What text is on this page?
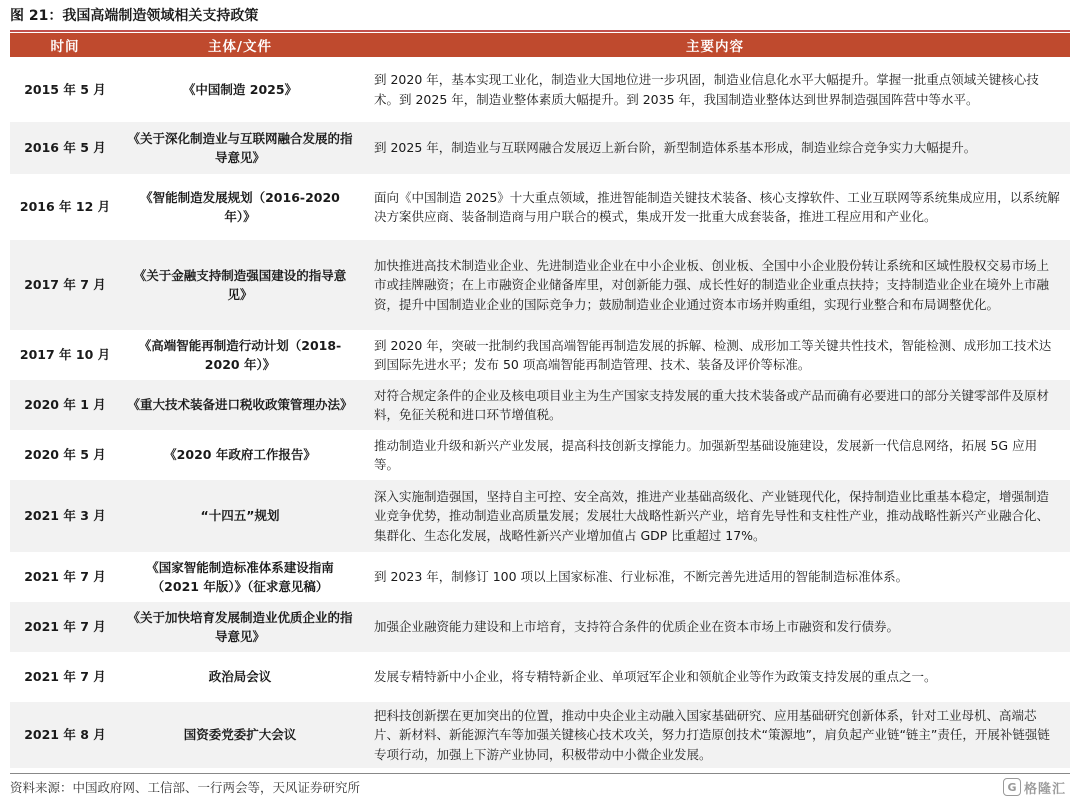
图 21：我国高端制造领域相关支持政策
时间	主体/文件	主要内容
2015 年 5 月	《中国制造 2025》	到 2020 年，基本实现工业化，制造业大国地位进一步巩固，制造业信息化水平大幅提升。掌握一批重点领域关键核心技术。到 2025 年，制造业整体素质大幅提升。到 2035 年，我国制造业整体达到世界制造强国阵营中等水平。
2016 年 5 月	《关于深化制造业与互联网融合发展的指导意见》	到 2025 年，制造业与互联网融合发展迈上新台阶，新型制造体系基本形成，制造业综合竞争实力大幅提升。
2016 年 12 月	《智能制造发展规划（2016-2020 年）》	面向《中国制造 2025》十大重点领域，推进智能制造关键技术装备、核心支撑软件、工业互联网等系统集成应用，以系统解决方案供应商、装备制造商与用户联合的模式，集成开发一批重大成套装备，推进工程应用和产业化。
2017 年 7 月	《关于金融支持制造强国建设的指导意见》	加快推进高技术制造业企业、先进制造业企业在中小企业板、创业板、全国中小企业股份转让系统和区域性股权交易市场上市或挂牌融资；在上市融资企业储备库里，对创新能力强、成长性好的制造业企业重点扶持；支持制造业企业在境外上市融资，提升中国制造业企业的国际竞争力；鼓励制造业企业通过资本市场并购重组，实现行业整合和布局调整优化。
2017 年 10 月	《高端智能再制造行动计划（2018-2020 年）》	到 2020 年，突破一批制约我国高端智能再制造发展的拆解、检测、成形加工等关键共性技术，智能检测、成形加工技术达到国际先进水平；发布 50 项高端智能再制造管理、技术、装备及评价等标准。
2020 年 1 月	《重大技术装备进口税收政策管理办法》	对符合规定条件的企业及核电项目业主为生产国家支持发展的重大技术装备或产品而确有必要进口的部分关键零部件及原材料，免征关税和进口环节增值税。
2020 年 5 月	《2020 年政府工作报告》	推动制造业升级和新兴产业发展，提高科技创新支撑能力。加强新型基础设施建设，发展新一代信息网络，拓展 5G 应用等。
2021 年 3 月	“十四五”规划	深入实施制造强国，坚持自主可控、安全高效，推进产业基础高级化、产业链现代化，保持制造业比重基本稳定，增强制造业竞争优势，推动制造业高质量发展；发展壮大战略性新兴产业，培育先导性和支柱性产业，推动战略性新兴产业融合化、集群化、生态化发展，战略性新兴产业增加值占 GDP 比重超过 17%。
2021 年 7 月	《国家智能制造标准体系建设指南（2021 年版）》（征求意见稿）	到 2023 年，制修订 100 项以上国家标准、行业标准，不断完善先进适用的智能制造标准体系。
2021 年 7 月	《关于加快培育发展制造业优质企业的指导意见》	加强企业融资能力建设和上市培育，支持符合条件的优质企业在资本市场上市融资和发行债券。
2021 年 7 月	政治局会议	发展专精特新中小企业，将专精特新企业、单项冠军企业和领航企业等作为政策支持发展的重点之一。
2021 年 8 月	国资委党委扩大会议	把科技创新摆在更加突出的位置，推动中央企业主动融入国家基础研究、应用基础研究创新体系，针对工业母机、高端芯片、新材料、新能源汽车等加强关键核心技术攻关，努力打造原创技术“策源地”，肩负起产业链“链主”责任，开展补链强链专项行动，加强上下游产业协同，积极带动中小微企业发展。
资料来源：中国政府网、工信部、一行两会等，天风证券研究所	G 格隆汇
